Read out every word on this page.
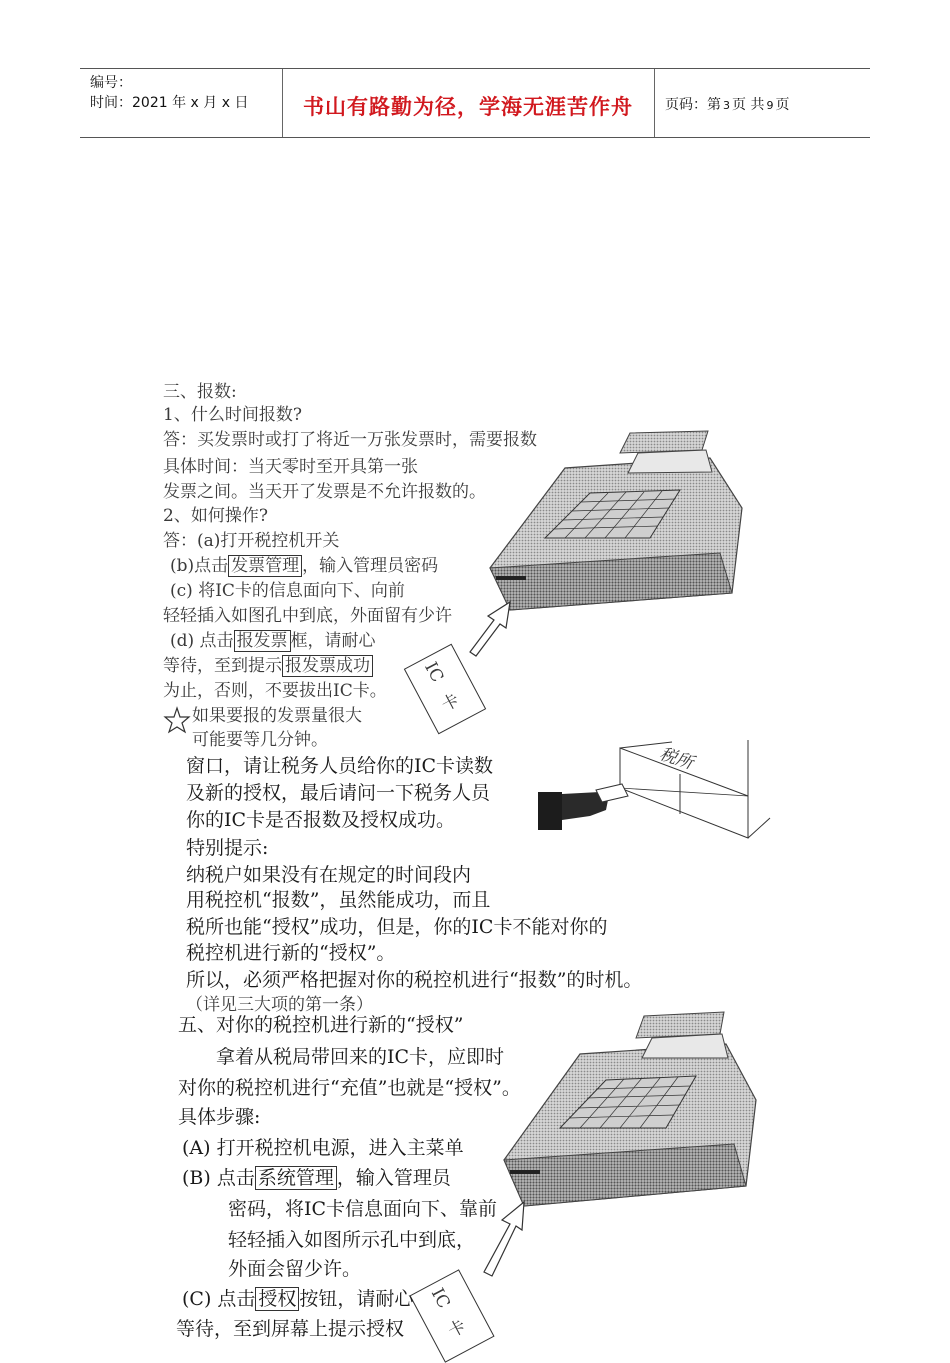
编号：
时间：2021 年 x 月 x 日	书山有路勤为径，学海无涯苦作舟	页码：第 3 页 共 9 页
IC
卡
三、报数:
1、什么时间报数?
答：买发票时或打了将近一万张发票时，需要报数
具体时间：当天零时至开具第一张
发票之间。当天开了发票是不允许报数的。
2、如何操作?
答：(a)打开税控机开关
(b)点击 发票管理 ，输入管理员密码
(c) 将IC卡的信息面向下、向前
轻轻插入如图孔中到底，外面留有少许
(d) 点击 报发票 框，请耐心
等待，至到提示 报发票成功
为止，否则，不要拔出IC卡。
如果要报的发票量很大
可能要等几分钟。
税所
窗口，请让税务人员给你的IC卡读数
及新的授权，最后请问一下税务人员
你的IC卡是否报数及授权成功。
特别提示:
纳税户如果没有在规定的时间段内
用税控机“报数”，虽然能成功，而且
税所也能“授权”成功，但是，你的IC卡不能对你的
税控机进行新的“授权”。
所以，必须严格把握对你的税控机进行“报数”的时机。
（详见三大项的第一条）
IC
卡
五、对你的税控机进行新的“授权”
拿着从税局带回来的IC卡，应即时
对你的税控机进行“充值”也就是“授权”。
具体步骤:
(A) 打开税控机电源，进入主菜单
(B) 点击 系统管理 ，输入管理员
密码，将IC卡信息面向下、靠前
轻轻插入如图所示孔中到底，
外面会留少许。
(C) 点击 授权 按钮，请耐心
等待，至到屏幕上提示授权
